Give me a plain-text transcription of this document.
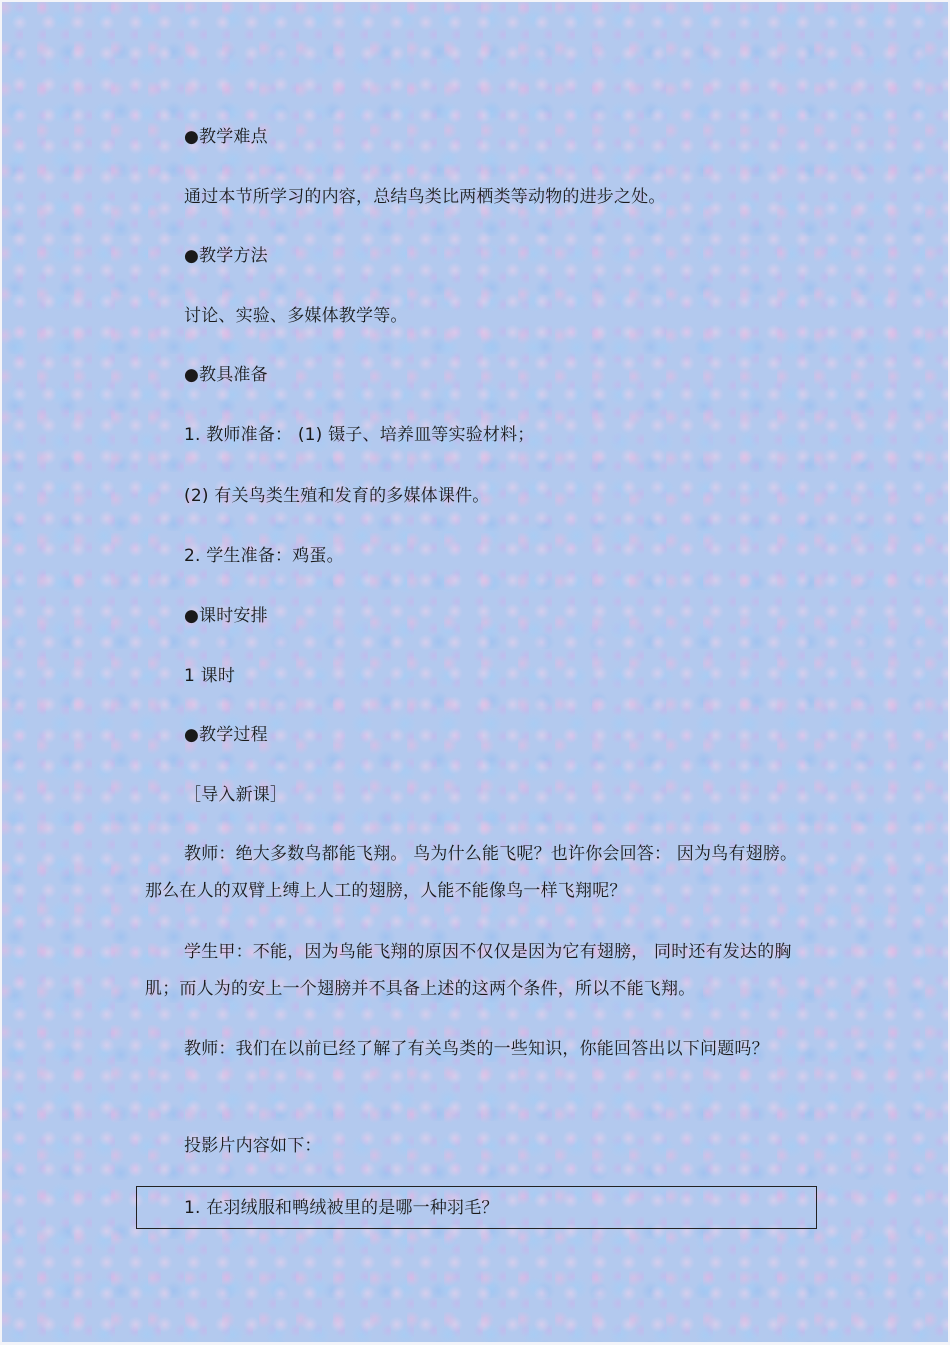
●教学难点
通过本节所学习的内容，总结鸟类比两栖类等动物的进步之处。
●教学方法
讨论、实验、多媒体教学等。
●教具准备
1. 教师准备： (1) 镊子、培养皿等实验材料；
(2) 有关鸟类生殖和发育的多媒体课件。
2. 学生准备：鸡蛋。
●课时安排
1 课时
●教学过程
［导入新课］
教师：绝大多数鸟都能飞翔。 鸟为什么能飞呢？也许你会回答： 因为鸟有翅膀。那么在人的双臂上缚上人工的翅膀，人能不能像鸟一样飞翔呢？
学生甲：不能，因为鸟能飞翔的原因不仅仅是因为它有翅膀， 同时还有发达的胸肌；而人为的安上一个翅膀并不具备上述的这两个条件，所以不能飞翔。
教师：我们在以前已经了解了有关鸟类的一些知识，你能回答出以下问题吗？
投影片内容如下：
1. 在羽绒服和鸭绒被里的是哪一种羽毛？
